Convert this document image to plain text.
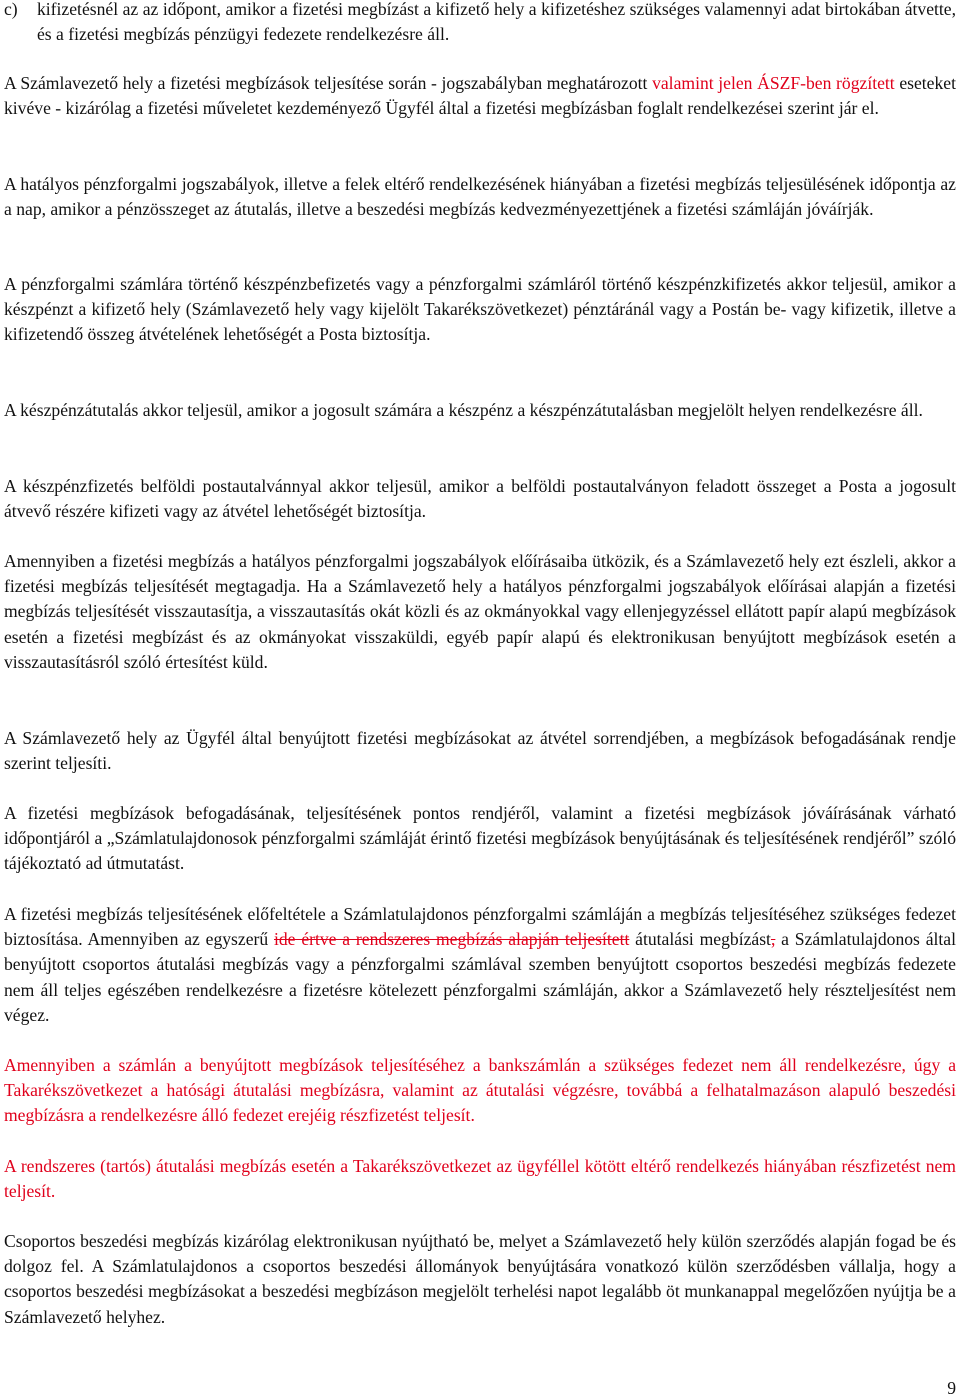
c) kifizetésnél az az időpont, amikor a fizetési megbízást a kifizető hely a kifizetéshez szükséges valamennyi adat birtokában átvette, és a fizetési megbízás pénzügyi fedezete rendelkezésre áll.

A Számlavezető hely a fizetési megbízások teljesítése során - jogszabályban meghatározott valamint jelen ÁSZF-ben rögzített eseteket kivéve - kizárólag a fizetési műveletet kezdeményező Ügyfél által a fizetési megbízásban foglalt rendelkezései szerint jár el.

A hatályos pénzforgalmi jogszabályok, illetve a felek eltérő rendelkezésének hiányában a fizetési megbízás teljesülésének időpontja az a nap, amikor a pénzösszeget az átutalás, illetve a beszedési megbízás kedvezményezettjének a fizetési számláján jóváírják.

A pénzforgalmi számlára történő készpénzbefizetés vagy a pénzforgalmi számláról történő készpénzkifizetés akkor teljesül, amikor a készpénzt a kifizető hely (Számlavezető hely vagy kijelölt Takarékszövetkezet) pénztáránál vagy a Postán be- vagy kifizetik, illetve a kifizetendő összeg átvételének lehetőségét a Posta biztosítja.

A készpénzátutalás akkor teljesül, amikor a jogosult számára a készpénz a készpénzátutalásban megjelölt helyen rendelkezésre áll.

A készpénzfizetés belföldi postautalvánnyal akkor teljesül, amikor a belföldi postautalványon feladott összeget a Posta a jogosult átvevő részére kifizeti vagy az átvétel lehetőségét biztosítja.

Amennyiben a fizetési megbízás a hatályos pénzforgalmi jogszabályok előírásaiba ütközik, és a Számlavezető hely ezt észleli, akkor a fizetési megbízás teljesítését megtagadja. Ha a Számlavezető hely a hatályos pénzforgalmi jogszabályok előírásai alapján a fizetési megbízás teljesítését visszautasítja, a visszautasítás okát közli és az okmányokkal vagy ellenjegyzéssel ellátott papír alapú megbízások esetén a fizetési megbízást és az okmányokat visszaküldi, egyéb papír alapú és elektronikusan benyújtott megbízások esetén a visszautasításról szóló értesítést küld.

A Számlavezető hely az Ügyfél által benyújtott fizetési megbízásokat az átvétel sorrendjében, a megbízások befogadásának rendje szerint teljesíti.

A fizetési megbízások befogadásának, teljesítésének pontos rendjéről, valamint a fizetési megbízások jóváírásának várható időpontjáról a „Számlatulajdonosok pénzforgalmi számláját érintő fizetési megbízások benyújtásának és teljesítésének rendjéről” szóló tájékoztató ad útmutatást.

A fizetési megbízás teljesítésének előfeltétele a Számlatulajdonos pénzforgalmi számláján a megbízás teljesítéséhez szükséges fedezet biztosítása. Amennyiben az egyszerű ide értve a rendszeres megbízás alapján teljesített átutalási megbízást, a Számlatulajdonos által benyújtott csoportos átutalási megbízás vagy a pénzforgalmi számlával szemben benyújtott csoportos beszedési megbízás fedezete nem áll teljes egészében rendelkezésre a fizetésre kötelezett pénzforgalmi számláján, akkor a Számlavezető hely részteljesítést nem végez.

Amennyiben a számlán a benyújtott megbízások teljesítéséhez a bankszámlán a szükséges fedezet nem áll rendelkezésre, úgy a Takarékszövetkezet a hatósági átutalási megbízásra, valamint az átutalási végzésre, továbbá a felhatalmazáson alapuló beszedési megbízásra a rendelkezésre álló fedezet erejéig részfizetést teljesít.

A rendszeres (tartós) átutalási megbízás esetén a Takarékszövetkezet az ügyféllel kötött eltérő rendelkezés hiányában részfizetést nem teljesít.

Csoportos beszedési megbízás kizárólag elektronikusan nyújtható be, melyet a Számlavezető hely külön szerződés alapján fogad be és dolgoz fel. A Számlatulajdonos a csoportos beszedési állományok benyújtására vonatkozó külön szerződésben vállalja, hogy a csoportos beszedési megbízásokat a beszedési megbízáson megjelölt terhelési napot legalább öt munkanappal megelőzően nyújtja be a Számlavezető helyhez.

9
